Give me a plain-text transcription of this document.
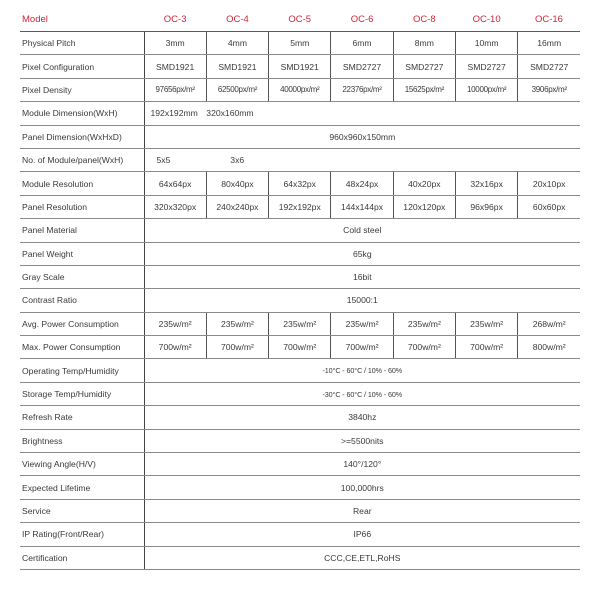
Model	OC-3	OC-4	OC-5	OC-6	OC-8	OC-10	OC-16
Physical Pitch	3mm	4mm	5mm	6mm	8mm	10mm	16mm
Pixel Configuration	SMD1921	SMD1921	SMD1921	SMD2727	SMD2727	SMD2727	SMD2727
Pixel Density	97656px/m²	62500px/m²	40000px/m²	22376px/m²	15625px/m²	10000px/m²	3906px/m²
Module Dimension(WxH)	192x192mm	320x160mm					
Panel Dimension(WxHxD)	960x960x150mm						
No. of Module/panel(WxH)	5x5	3x6					
Module Resolution	64x64px	80x40px	64x32px	48x24px	40x20px	32x16px	20x10px
Panel Resolution	320x320px	240x240px	192x192px	144x144px	120x120px	96x96px	60x60px
Panel Material	Cold steel						
Panel Weight	65kg						
Gray Scale	16bit						
Contrast Ratio	15000:1						
Avg. Power Consumption	235w/m²	235w/m²	235w/m²	235w/m²	235w/m²	235w/m²	268w/m²
Max. Power Consumption	700w/m²	700w/m²	700w/m²	700w/m²	700w/m²	700w/m²	800w/m²
Operating Temp/Humidity	-10°C - 60°C / 10% - 60%						
Storage Temp/Humidity	-30°C - 60°C / 10% - 60%						
Refresh Rate	3840hz						
Brightness	>=5500nits						
Viewing Angle(H/V)	140°/120°						
Expected Lifetime	100,000hrs						
Service	Rear						
IP Rating(Front/Rear)	IP66						
Certification	CCC,CE,ETL,RoHS						
